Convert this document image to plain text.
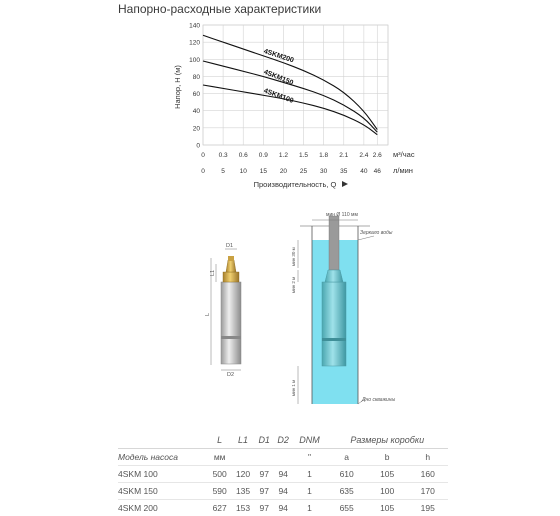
Напорно-расходные характеристики
0
20
40
60
80
100
120
140
0 0.3 0.6 0.9 1.2 1.5 1.8 2.1 2.4 2.6
0	5 10 15 20 25 30 35 40 46
4SKM200
4SKM150
4SKM100
Напор, H (м)
м³/час
л/мин
Производительность, Q
D1
L1
L
D2
мин Ø 110 мм
мин 30 м
мин 2 м
мин 1 м
Зеркало воды
Дно скважины
	L	L1	D1	D2	DNM	Размеры коробки		
Модель насоса	мм				"	a	b	h
4SKM 100	500	120	97	94	1	610	105	160
4SKM 150	590	135	97	94	1	635	100	170
4SKM 200	627	153	97	94	1	655	105	195
